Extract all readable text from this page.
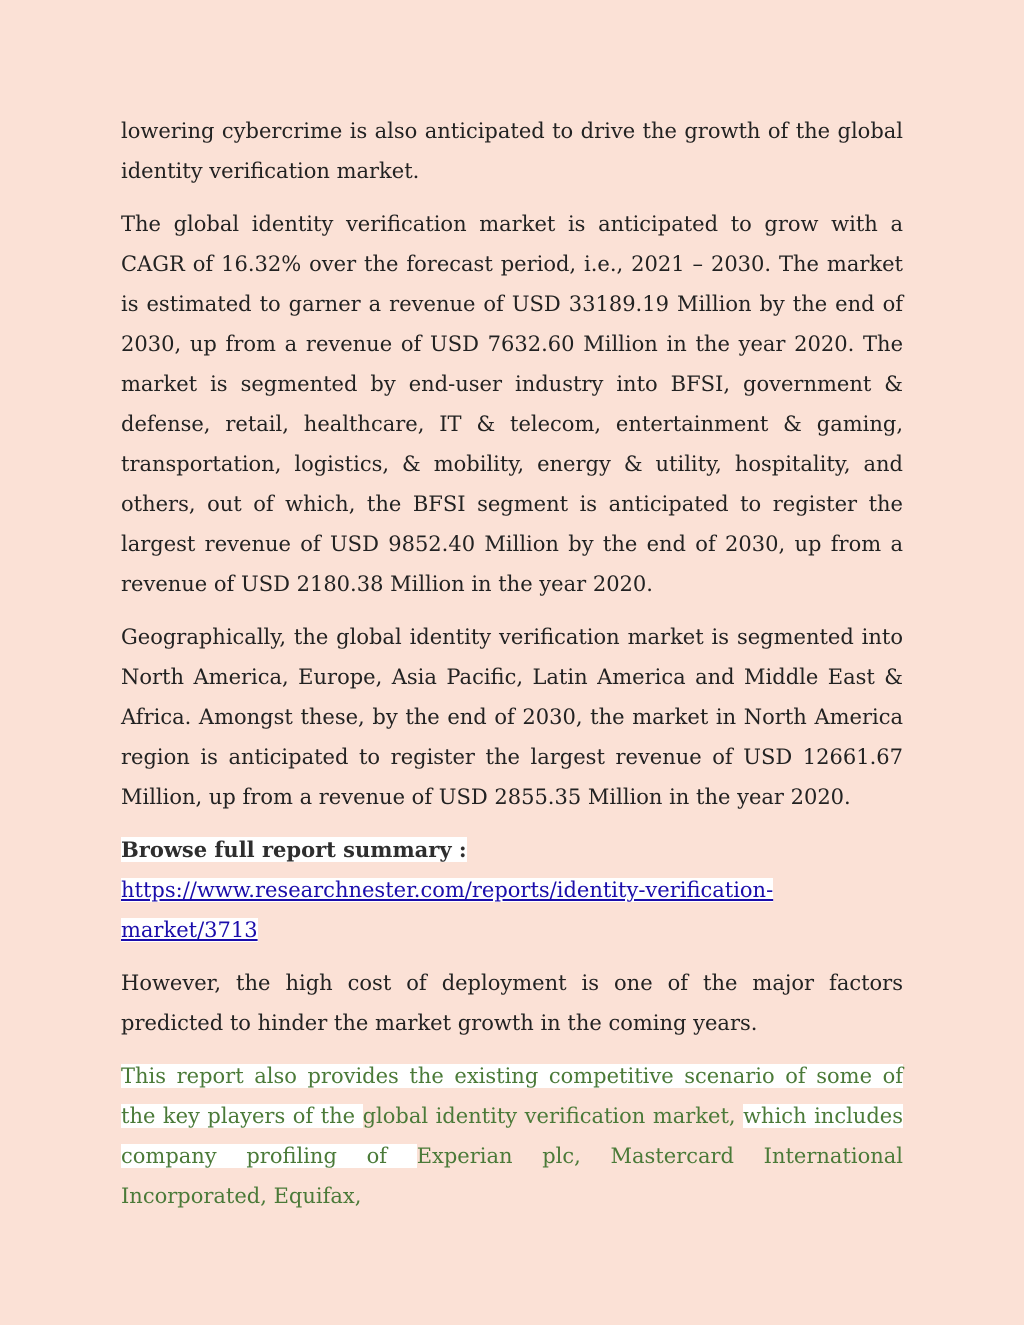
lowering cybercrime is also anticipated to drive the growth of the global identity verification market.

The global identity verification market is anticipated to grow with a CAGR of 16.32% over the forecast period, i.e., 2021 – 2030. The market is estimated to garner a revenue of USD 33189.19 Million by the end of 2030, up from a revenue of USD 7632.60 Million in the year 2020. The market is segmented by end-user industry into BFSI, government & defense, retail, healthcare, IT & telecom, entertainment & gaming, transportation, logistics, & mobility, energy & utility, hospitality, and others, out of which, the BFSI segment is anticipated to register the largest revenue of USD 9852.40 Million by the end of 2030, up from a revenue of USD 2180.38 Million in the year 2020.

Geographically, the global identity verification market is segmented into North America, Europe, Asia Pacific, Latin America and Middle East & Africa. Amongst these, by the end of 2030, the market in North America region is anticipated to register the largest revenue of USD 12661.67 Million, up from a revenue of USD 2855.35 Million in the year 2020.

Browse full report summary :
https://www.researchnester.com/reports/identity-verification-
market/3713

However, the high cost of deployment is one of the major factors predicted to hinder the market growth in the coming years.

This report also provides the existing competitive scenario of some of the key players of the global identity verification market, which includes company profiling of Experian plc, Mastercard International Incorporated, Equifax,
